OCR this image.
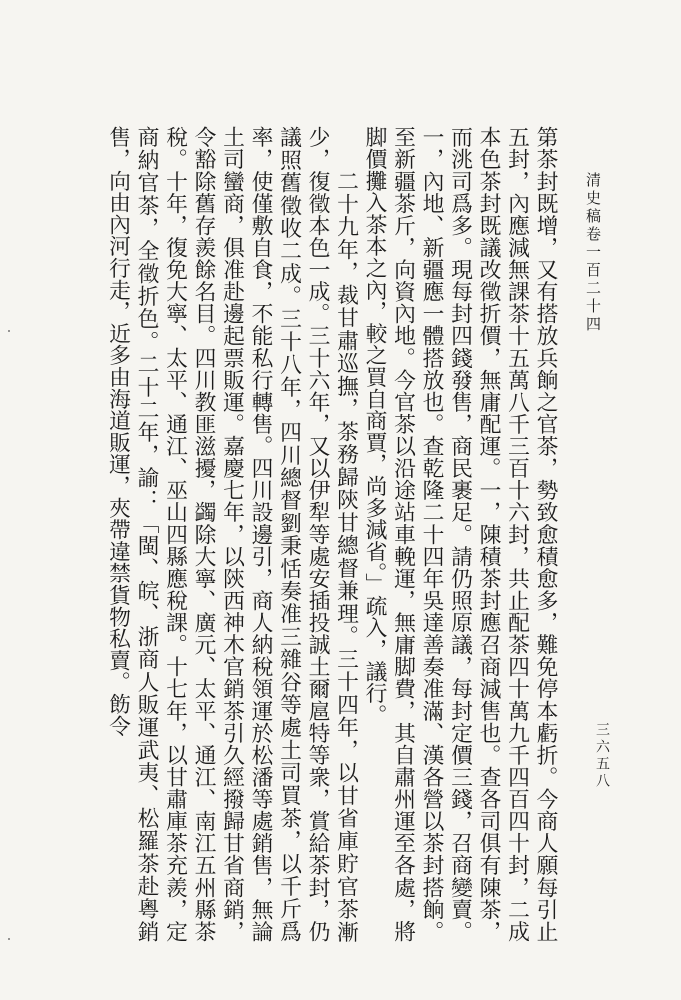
清史稿卷一百二十四
三六五八

第茶封既增，又有搭放兵餉之官茶，勢致愈積愈多，難免停本虧折。今商人願每引止五封，內應減無課茶十五萬八千三百十六封，共止配茶四十萬九千四百四十封，二成本色茶封既議改徵折價，無庸配運。一，陳積茶封應召商減售也。查各司俱有陳茶，而洮司爲多。現每封四錢發售，商民裹足。請仍照原議，每封定價三錢，召商變賣。一，內地、新疆應一體搭放也。查乾隆二十四年吳達善奏准滿、漢各營以茶封搭餉。至新疆茶斤，向資內地。今官茶以沿途站車輓運，無庸脚費，其自肅州運至各處，將脚價攤入茶本之內，較之買自商賈，尚多減省。」疏入，議行。

二十九年，裁甘肅巡撫，茶務歸陝甘總督兼理。三十四年，以甘省庫貯官茶漸少，復徵本色一成。三十六年，又以伊犁等處安插投誠土爾扈特等衆，賞給茶封，仍議照舊徵收二成。三十八年，四川總督劉秉恬奏准三雜谷等處土司買茶，以千斤爲率，使僅敷自食，不能私行轉售。四川設邊引，商人納稅領運於松潘等處銷售，無論土司蠻商，俱准赴邊起票販運。嘉慶七年，以陝西神木官銷茶引久經撥歸甘省商銷，令豁除舊存羨餘名目。四川教匪滋擾，蠲除大寧、廣元、太平、通江、南江五州縣茶稅。十年，復免大寧、太平、通江、巫山四縣應稅課。十七年，以甘肅庫茶充羨，定商納官茶，全徵折色。二十二年，諭：「閩、皖、浙商人販運武夷、松羅茶赴粵銷售，向由內河行走，近多由海道販運，夾帶違禁貨物私賣。飭令
